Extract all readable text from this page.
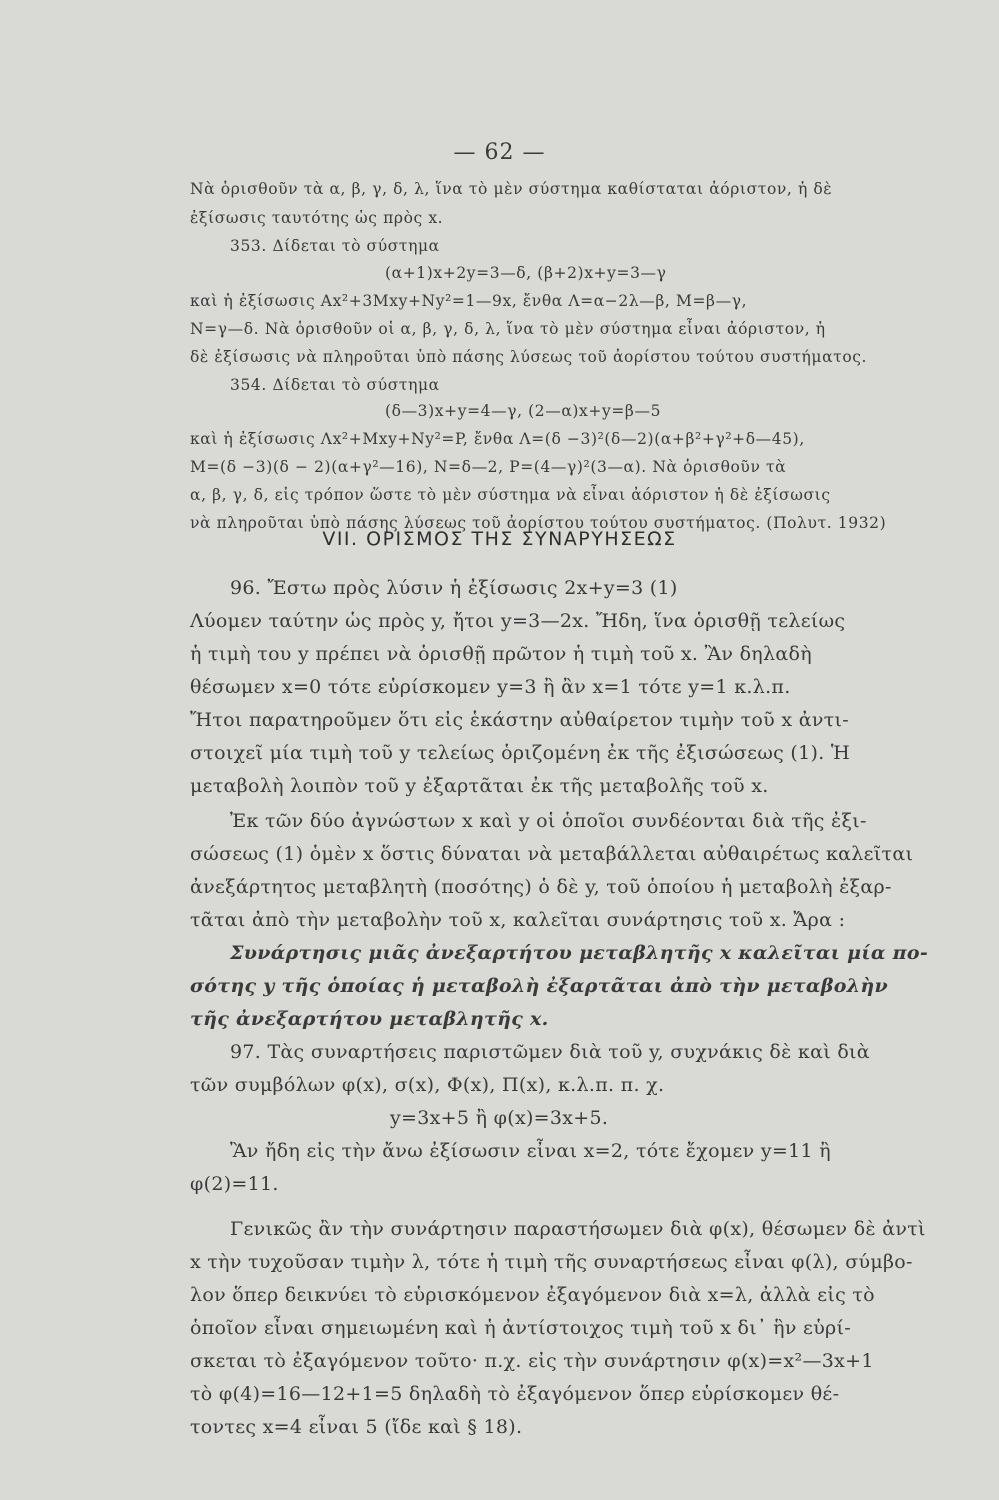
— 62 —
Νὰ ὁρισθοῦν τὰ α, β, γ, δ, λ, ἵνα τὸ μὲν σύστημα καθίσταται ἀόριστον, ἡ δὲ
ἐξίσωσις ταυτότης ὡς πρὸς x.
353. Δίδεται τὸ σύστημα
(α+1)x+2y=3—δ, (β+2)x+y=3—γ
καὶ ἡ ἐξίσωσις Ax²+3Mxy+Ny²=1—9x, ἔνθα Λ=α−2λ—β, M=β—γ,
N=γ—δ. Νὰ ὁρισθοῦν οἱ α, β, γ, δ, λ, ἵνα τὸ μὲν σύστημα εἶναι ἀόριστον, ἡ
δὲ ἐξίσωσις νὰ πληροῦται ὑπὸ πάσης λύσεως τοῦ ἀορίστου τούτου συστήματος.
354. Δίδεται τὸ σύστημα
(δ—3)x+y=4—γ, (2—α)x+y=β—5
καὶ ἡ ἐξίσωσις Λx²+Mxy+Ny²=P, ἔνθα Λ=(δ −3)²(δ—2)(α+β²+γ²+δ—45),
M=(δ −3)(δ − 2)(α+γ²—16), N=δ—2, P=(4—γ)²(3—α). Νὰ ὁρισθοῦν τὰ
α, β, γ, δ, εἰς τρόπον ὥστε τὸ μὲν σύστημα νὰ εἶναι ἀόριστον ἡ δὲ ἐξίσωσις
νὰ πληροῦται ὑπὸ πάσης λύσεως τοῦ ἀορίστου τούτου συστήματος. (Πολυτ. 1932)
VII. ΟΡΙΣΜΟΣ ΤΗΣ ΣΥΝΑΡΥΗΣΕΩΣ
96. Ἔστω πρὸς λύσιν ἡ ἐξίσωσις 2x+y=3 (1)
Λύομεν ταύτην ὡς πρὸς y, ἤτοι y=3—2x. Ἤδη, ἵνα ὁρισθῇ τελείως
ἡ τιμὴ του y πρέπει νὰ ὁρισθῇ πρῶτον ἡ τιμὴ τοῦ x. Ἂν δηλαδὴ
θέσωμεν x=0 τότε εὑρίσκομεν y=3 ἢ ἂν x=1 τότε y=1 κ.λ.π.
Ἤτοι παρατηροῦμεν ὅτι εἰς ἑκάστην αὐθαίρετον τιμὴν τοῦ x ἀντι-
στοιχεῖ μία τιμὴ τοῦ y τελείως ὁριζομένη ἐκ τῆς ἐξισώσεως (1). Ἡ
μεταβολὴ λοιπὸν τοῦ y ἐξαρτᾶται ἐκ τῆς μεταβολῆς τοῦ x.
Ἐκ τῶν δύο ἀγνώστων x καὶ y οἱ ὁποῖοι συνδέονται διὰ τῆς ἐξι-
σώσεως (1) ὁμὲν x ὅστις δύναται νὰ μεταβάλλεται αὐθαιρέτως καλεῖται
ἀνεξάρτητος μεταβλητὴ (ποσότης) ὁ δὲ y, τοῦ ὁποίου ἡ μεταβολὴ ἐξαρ-
τᾶται ἀπὸ τὴν μεταβολὴν τοῦ x, καλεῖται συνάρτησις τοῦ x. Ἄρα :
Συνάρτησις μιᾶς ἀνεξαρτήτου μεταβλητῆς x καλεῖται μία πο-
σότης y τῆς ὁποίας ἡ μεταβολὴ ἐξαρτᾶται ἀπὸ τὴν μεταβολὴν
τῆς ἀνεξαρτήτου μεταβλητῆς x.
97. Τὰς συναρτήσεις παριστῶμεν διὰ τοῦ y, συχνάκις δὲ καὶ διὰ
τῶν συμβόλων φ(x), σ(x), Φ(x), Π(x), κ.λ.π. π. χ.
y=3x+5 ἢ φ(x)=3x+5.
Ἂν ἤδη εἰς τὴν ἄνω ἐξίσωσιν εἶναι x=2, τότε ἔχομεν y=11 ἢ
φ(2)=11.
Γενικῶς ἂν τὴν συνάρτησιν παραστήσωμεν διὰ φ(x), θέσωμεν δὲ ἀντὶ
x τὴν τυχοῦσαν τιμὴν λ, τότε ἡ τιμὴ τῆς συναρτήσεως εἶναι φ(λ), σύμβο-
λον ὅπερ δεικνύει τὸ εὑρισκόμενον ἐξαγόμενον διὰ x=λ, ἀλλὰ εἰς τὸ
ὁποῖον εἶναι σημειωμένη καὶ ἡ ἀντίστοιχος τιμὴ τοῦ x δι᾽ ἣν εὑρί-
σκεται τὸ ἐξαγόμενον τοῦτο· π.χ. εἰς τὴν συνάρτησιν φ(x)=x²—3x+1
τὸ φ(4)=16—12+1=5 δηλαδὴ τὸ ἐξαγόμενον ὅπερ εὑρίσκομεν θέ-
τοντες x=4 εἶναι 5 (ἴδε καὶ § 18).
